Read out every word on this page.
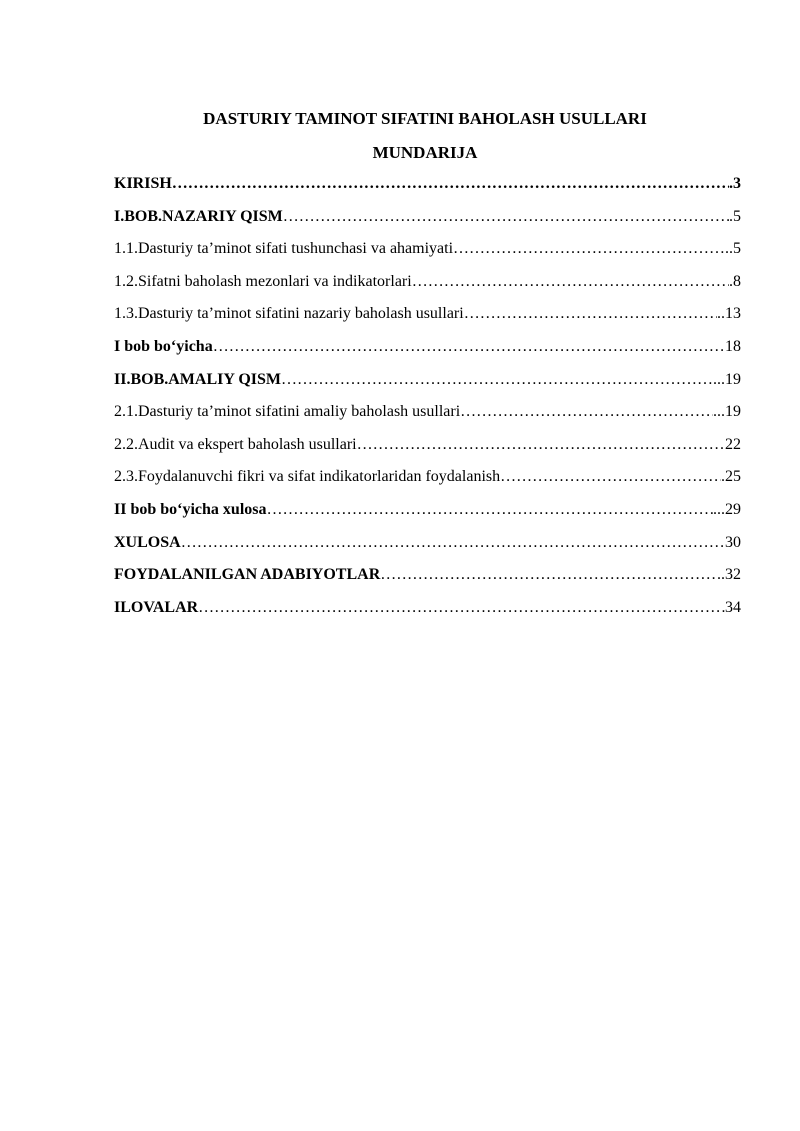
DASTURIY TAMINOT SIFATINI BAHOLASH USULLARI
MUNDARIJA
KIRISH ……………………………………………………………………………………………………………………………………………………………………	.3
I.BOB.NAZARIY QISM ……………………………………………………………………………………………………………………………………………………………………	.5
1.1.Dasturiy ta’minot sifati tushunchasi va ahamiyati ……………………………………………………………………………………………………………………………………………………………………	..5
1.2.Sifatni baholash mezonlari va indikatorlari ……………………………………………………………………………………………………………………………………………………………………	.8
1.3.Dasturiy ta’minot sifatini nazariy baholash usullari ……………………………………………………………………………………………………………………………………………………………………	..13
I bob bo‘yicha ……………………………………………………………………………………………………………………………………………………………………	18
II.BOB.AMALIY QISM ……………………………………………………………………………………………………………………………………………………………………	...19
2.1.Dasturiy ta’minot sifatini amaliy baholash usullari ……………………………………………………………………………………………………………………………………………………………………	...19
2.2.Audit va ekspert baholash usullari ……………………………………………………………………………………………………………………………………………………………………	22
2.3.Foydalanuvchi fikri va sifat indikatorlaridan foydalanish ……………………………………………………………………………………………………………………………………………………………………	.25
II bob bo‘yicha xulosa ……………………………………………………………………………………………………………………………………………………………………	...29
XULOSA ……………………………………………………………………………………………………………………………………………………………………	30
FOYDALANILGAN ADABIYOTLAR ……………………………………………………………………………………………………………………………………………………………………	..32
ILOVALAR ……………………………………………………………………………………………………………………………………………………………………	34
